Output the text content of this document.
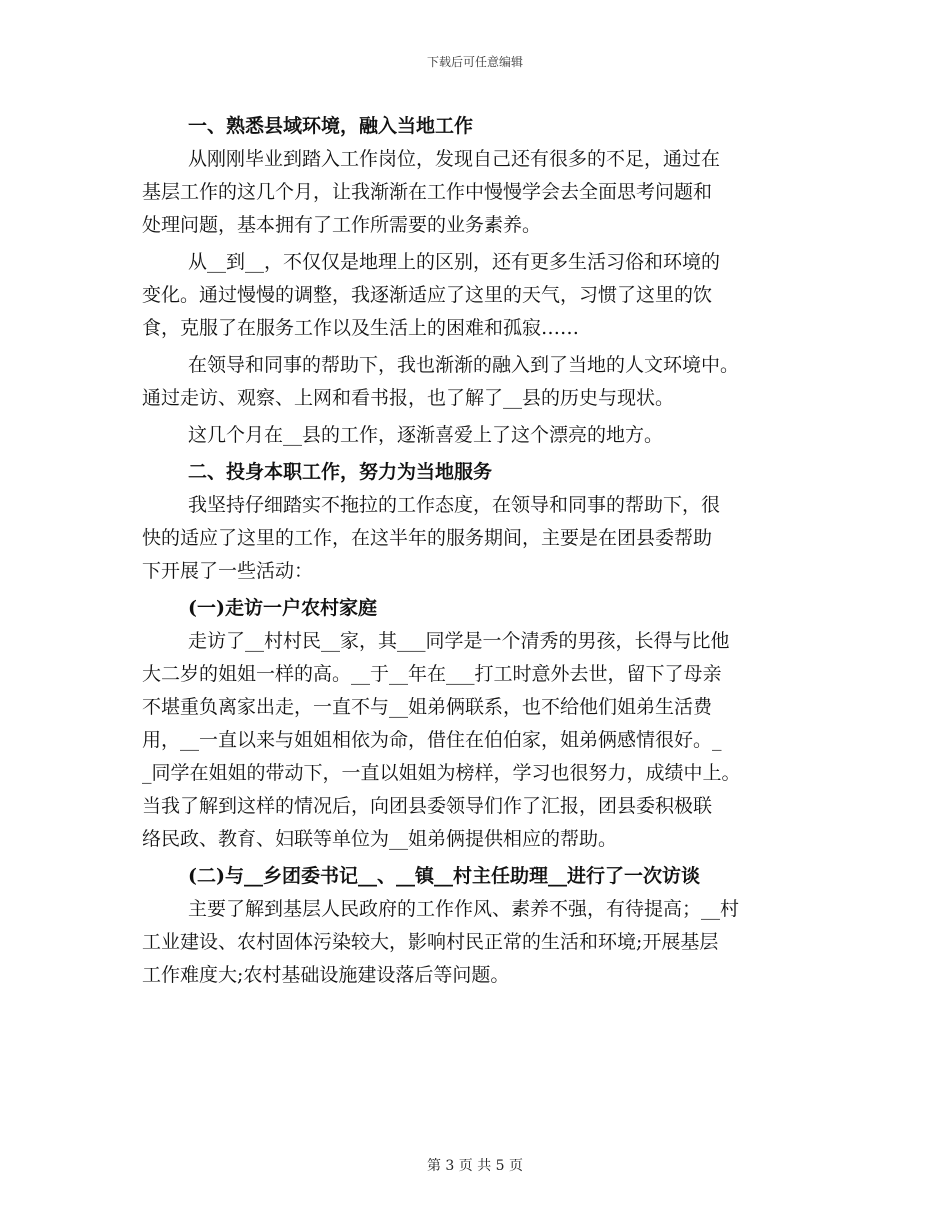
下载后可任意编辑
一、熟悉县域环境，融入当地工作
从刚刚毕业到踏入工作岗位，发现自己还有很多的不足，通过在
基层工作的这几个月，让我渐渐在工作中慢慢学会去全面思考问题和
处理问题，基本拥有了工作所需要的业务素养。
从__到__，不仅仅是地理上的区别，还有更多生活习俗和环境的
变化。通过慢慢的调整，我逐渐适应了这里的天气，习惯了这里的饮
食，克服了在服务工作以及生活上的困难和孤寂……
在领导和同事的帮助下，我也渐渐的融入到了当地的人文环境中。
通过走访、观察、上网和看书报，也了解了__县的历史与现状。
这几个月在__县的工作，逐渐喜爱上了这个漂亮的地方。
二、投身本职工作，努力为当地服务
我坚持仔细踏实不拖拉的工作态度，在领导和同事的帮助下，很
快的适应了这里的工作，在这半年的服务期间，主要是在团县委帮助
下开展了一些活动：
(一)走访一户农村家庭
走访了__村村民__家，其___同学是一个清秀的男孩，长得与比他
大二岁的姐姐一样的高。__于__年在___打工时意外去世，留下了母亲
不堪重负离家出走，一直不与__姐弟俩联系，也不给他们姐弟生活费
用，__一直以来与姐姐相依为命，借住在伯伯家，姐弟俩感情很好。_
_同学在姐姐的带动下，一直以姐姐为榜样，学习也很努力，成绩中上。
当我了解到这样的情况后，向团县委领导们作了汇报，团县委积极联
络民政、教育、妇联等单位为__姐弟俩提供相应的帮助。
(二)与__乡团委书记__、__镇__村主任助理__进行了一次访谈
主要了解到基层人民政府的工作作风、素养不强，有待提高；__村
工业建设、农村固体污染较大，影响村民正常的生活和环境;开展基层
工作难度大;农村基础设施建设落后等问题。
第 3 页 共 5 页
